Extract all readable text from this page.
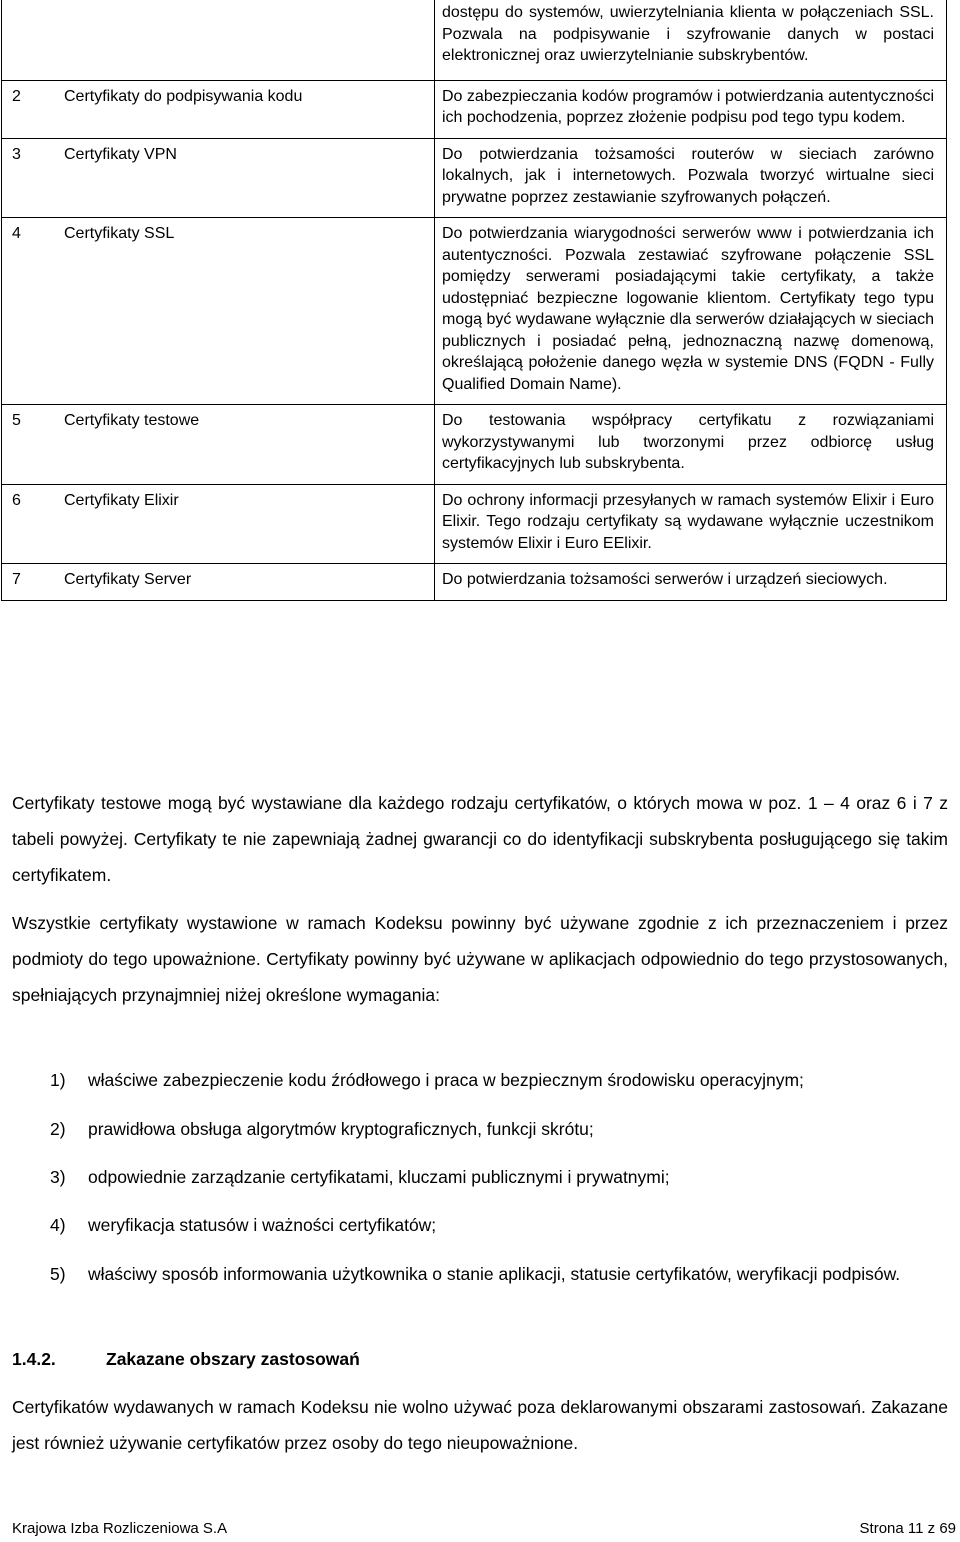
		dostępu do systemów, uwierzytelniania klienta w połączeniach SSL. Pozwala na podpisywanie i szyfrowanie danych w postaci elektronicznej oraz uwierzytelnianie subskrybentów.
2	Certyfikaty do podpisywania kodu	Do zabezpieczania kodów programów i potwierdzania autentyczności ich pochodzenia, poprzez złożenie podpisu pod tego typu kodem.
3	Certyfikaty VPN	Do potwierdzania tożsamości routerów w sieciach zarówno lokalnych, jak i internetowych. Pozwala tworzyć wirtualne sieci prywatne poprzez zestawianie szyfrowanych połączeń.
4	Certyfikaty SSL	Do potwierdzania wiarygodności serwerów www i potwierdzania ich autentyczności. Pozwala zestawiać szyfrowane połączenie SSL pomiędzy serwerami posiadającymi takie certyfikaty, a także udostępniać bezpieczne logowanie klientom. Certyfikaty tego typu mogą być wydawane wyłącznie dla serwerów działających w sieciach publicznych i posiadać pełną, jednoznaczną nazwę domenową, określającą położenie danego węzła w systemie DNS (FQDN - Fully Qualified Domain Name).
5	Certyfikaty testowe	Do testowania współpracy certyfikatu z rozwiązaniami wykorzystywanymi lub tworzonymi przez odbiorcę usług certyfikacyjnych lub subskrybenta.
6	Certyfikaty Elixir	Do ochrony informacji przesyłanych w ramach systemów Elixir i Euro Elixir. Tego rodzaju certyfikaty są wydawane wyłącznie uczestnikom systemów Elixir i Euro EElixir.
7	Certyfikaty Server	Do potwierdzania tożsamości serwerów i urządzeń sieciowych.
Certyfikaty testowe mogą być wystawiane dla każdego rodzaju certyfikatów, o których mowa w poz. 1 – 4 oraz 6 i 7 z tabeli powyżej. Certyfikaty te nie zapewniają żadnej gwarancji co do identyfikacji subskrybenta posługującego się takim certyfikatem.
Wszystkie certyfikaty wystawione w ramach Kodeksu powinny być używane zgodnie z ich przeznaczeniem i przez podmioty do tego upoważnione. Certyfikaty powinny być używane w aplikacjach odpowiednio do tego przystosowanych, spełniających przynajmniej niżej określone wymagania:
1) właściwe zabezpieczenie kodu źródłowego i praca w bezpiecznym środowisku operacyjnym;
2) prawidłowa obsługa algorytmów kryptograficznych, funkcji skrótu;
3) odpowiednie zarządzanie certyfikatami, kluczami publicznymi i prywatnymi;
4) weryfikacja statusów i ważności certyfikatów;
5) właściwy sposób informowania użytkownika o stanie aplikacji, statusie certyfikatów, weryfikacji podpisów.
1.4.2.	Zakazane obszary zastosowań
Certyfikatów wydawanych w ramach Kodeksu nie wolno używać poza deklarowanymi obszarami zastosowań. Zakazane jest również używanie certyfikatów przez osoby do tego nieupoważnione.
Krajowa Izba Rozliczeniowa S.A	Strona 11 z 69
